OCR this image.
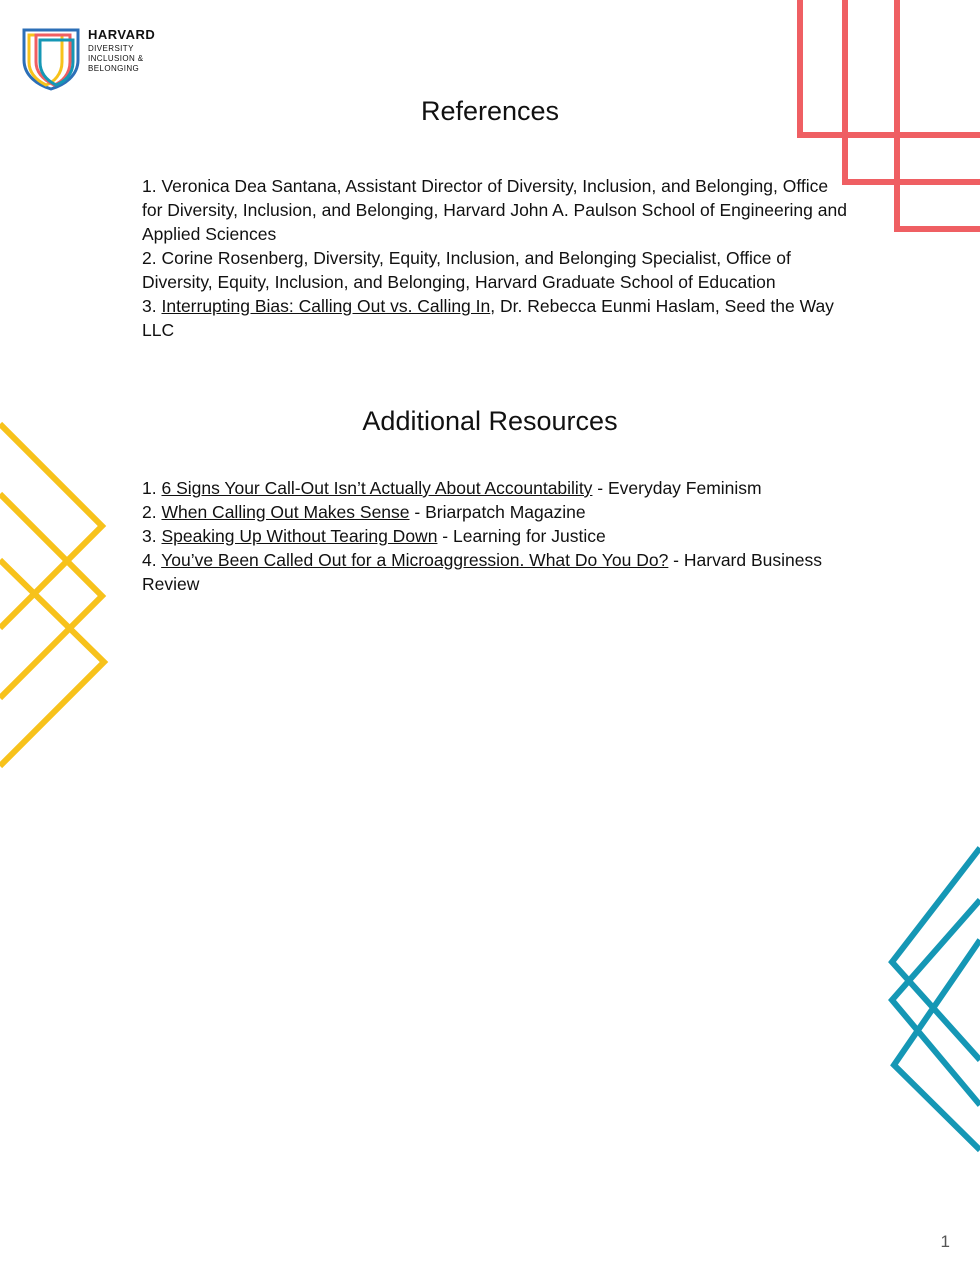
HARVARD
DIVERSITY
INCLUSION &
BELONGING
References

1. Veronica Dea Santana, Assistant Director of Diversity, Inclusion, and Belonging, Office for Diversity, Inclusion, and Belonging, Harvard John A. Paulson School of Engineering and Applied Sciences

2. Corine Rosenberg, Diversity, Equity, Inclusion, and Belonging Specialist, Office of Diversity, Equity, Inclusion, and Belonging, Harvard Graduate School of Education

3. Interrupting Bias: Calling Out vs. Calling In, Dr. Rebecca Eunmi Haslam, Seed the Way LLC

Additional Resources

1. 6 Signs Your Call-Out Isn’t Actually About Accountability - Everyday Feminism

2. When Calling Out Makes Sense - Briarpatch Magazine

3. Speaking Up Without Tearing Down - Learning for Justice

4. You’ve Been Called Out for a Microaggression. What Do You Do? - Harvard Business Review

1
